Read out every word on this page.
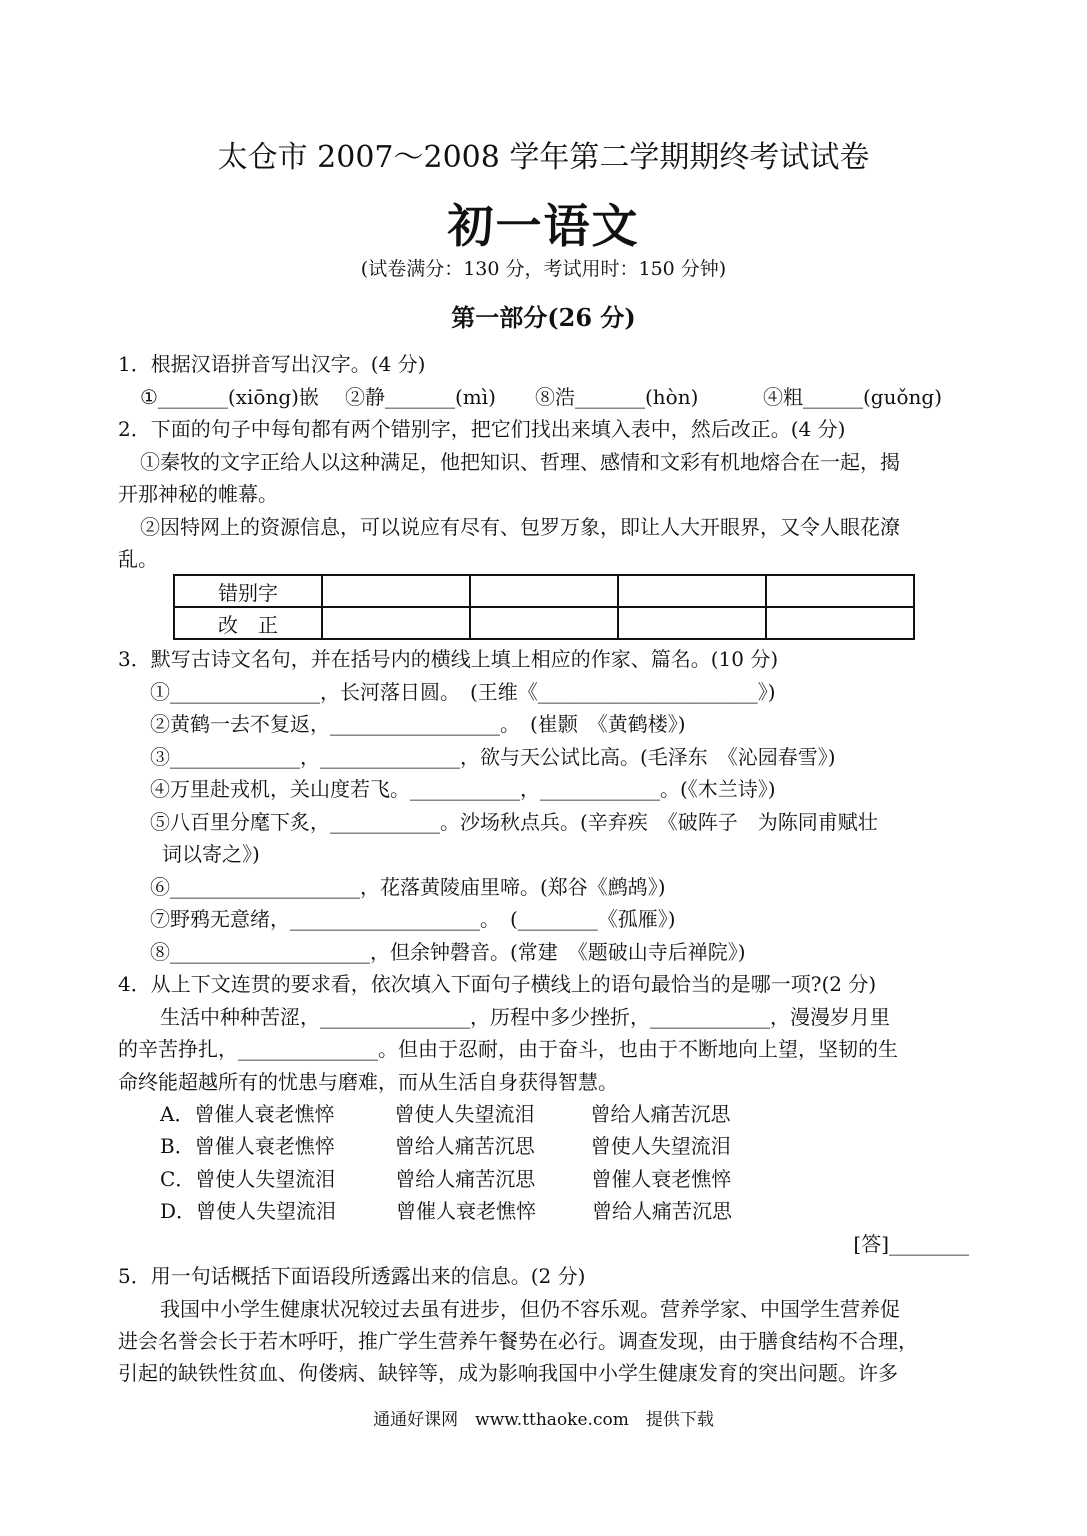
太仓市 2007～2008 学年第二学期期终考试试卷
初一语文
(试卷满分：130 分，考试用时：150 分钟)
第一部分(26 分)
1．根据汉语拼音写出汉字。(4 分)
①_______(xiōng)嵌 ②静_______(mì) ⑧浩_______(hòn)	④粗______(guǒng)
2．下面的句子中每旬都有两个错别字，把它们找出来填入表中，然后改正。(4 分)
①秦牧的文字正给人以这种满足，他把知识、哲理、感情和文彩有机地熔合在一起，揭
开那神秘的帷幕。
②因特网上的资源信息，可以说应有尽有、包罗万象，即让人大开眼界，又令人眼花潦
乱。
错别字				
改　正				
3．默写古诗文名句，并在括号内的横线上填上相应的作家、篇名。(10 分)
①_______________，长河落日圆。　(王维《______________________》)
②黄鹤一去不复返，_________________。　(崔颢　《黄鹤楼》)
③_____________，______________，欲与天公试比高。(毛泽东　《沁园春雪》)
④万里赴戎机，关山度若飞。___________，____________。(《木兰诗》)
⑤八百里分麾下炙，___________。沙场秋点兵。(辛弃疾　《破阵子　为陈同甫赋壮
词以寄之》)
⑥___________________，花落黄陵庙里啼。(郑谷《鹧鸪》)
⑦野鸦无意绪，___________________。　(________《孤雁》)
⑧____________________，但余钟磬音。(常建　《题破山寺后禅院》)
4．从上下文连贯的要求看，依次填入下面句子横线上的语句最恰当的是哪一项?(2 分)
生活中种种苦涩，_______________，历程中多少挫折，____________，漫漫岁月里
的辛苦挣扎，______________。但由于忍耐，由于奋斗，也由于不断地向上望，坚韧的生
命终能超越所有的忧患与磨难，而从生活自身获得智慧。
A．曾催人衰老憔悴	曾使人失望流泪	曾给人痛苦沉思
B．曾催人衰老憔悴	曾给人痛苦沉思	曾使人失望流泪
C．曾使人失望流泪	曾给人痛苦沉思	曾催人衰老憔悴
D．曾使人失望流泪	曾催人衰老憔悴	曾给人痛苦沉思
[答]________
5．用一句话概括下面语段所透露出来的信息。(2 分)
我国中小学生健康状况较过去虽有进步，但仍不容乐观。营养学家、中国学生营养促
进会名誉会长于若木呼吁，推广学生营养午餐势在必行。调查发现，由于膳食结构不合理，
引起的缺铁性贫血、佝偻病、缺锌等，成为影响我国中小学生健康发育的突出问题。许多
通通好课网　www.tthaoke.com　提供下载
